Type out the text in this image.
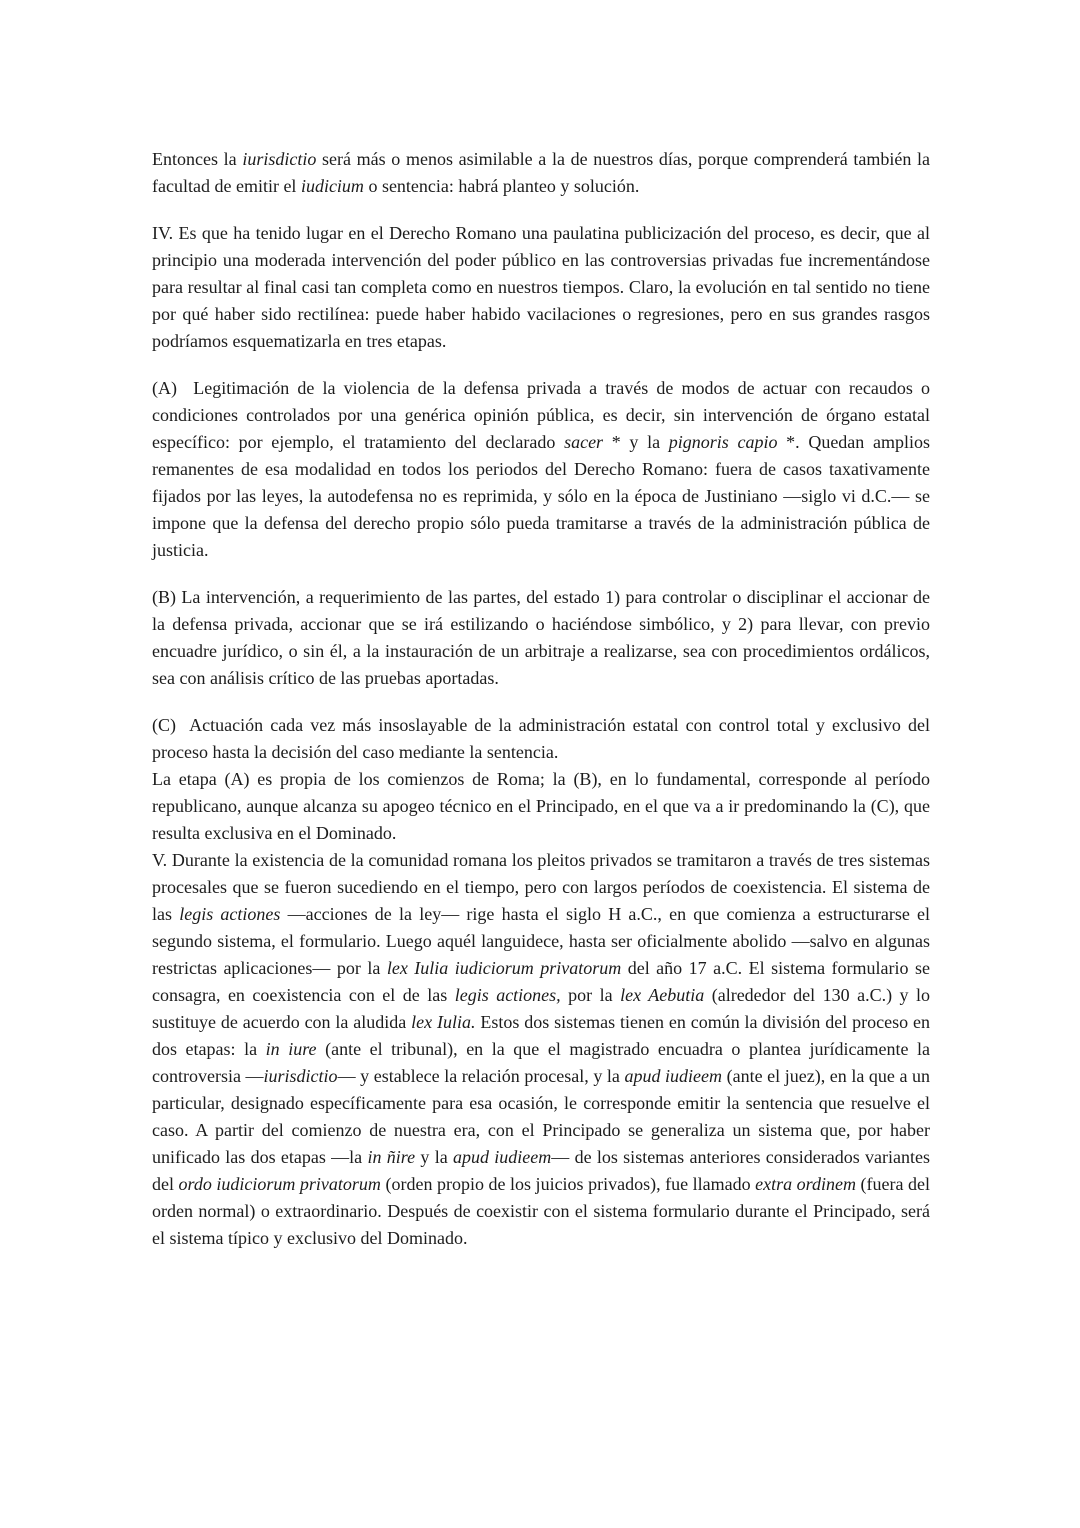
Entonces la iurisdictio será más o menos asimilable a la de nuestros días, porque comprenderá también la facultad de emitir el iudicium o sentencia: habrá planteo y solución.

IV. Es que ha tenido lugar en el Derecho Romano una paulatina publicización del proceso, es decir, que al principio una moderada intervención del poder público en las controversias privadas fue incrementándose para resultar al final casi tan completa como en nuestros tiempos. Claro, la evolución en tal sentido no tiene por qué haber sido rectilínea: puede haber habido vacilaciones o regresiones, pero en sus grandes rasgos podríamos esquematizarla en tres etapas.

(A)  Legitimación de la violencia de la defensa privada a través de modos de actuar con recaudos o condiciones controlados por una genérica opinión pública, es decir, sin intervención de órgano estatal específico: por ejemplo, el tratamiento del declarado sacer * y la pignoris capio *. Quedan amplios remanentes de esa modalidad en todos los periodos del Derecho Romano: fuera de casos taxativamente fijados por las leyes, la autodefensa no es reprimida, y sólo en la época de Justiniano —siglo vi d.C.— se impone que la defensa del derecho propio sólo pueda tramitarse a través de la administración pública de justicia.

(B) La intervención, a requerimiento de las partes, del estado 1) para controlar o disciplinar el accionar de la defensa privada, accionar que se irá estilizando o haciéndose simbólico, y 2) para llevar, con previo encuadre jurídico, o sin él, a la instauración de un arbitraje a realizarse, sea con procedimientos ordálicos, sea con análisis crítico de las pruebas aportadas.

(C)  Actuación cada vez más insoslayable de la administración estatal con control total y exclusivo del proceso hasta la decisión del caso mediante la sentencia.

La etapa (A) es propia de los comienzos de Roma; la (B), en lo fundamental, corresponde al período republicano, aunque alcanza su apogeo técnico en el Principado, en el que va a ir predominando la (C), que resulta exclusiva en el Dominado.

V. Durante la existencia de la comunidad romana los pleitos privados se tramitaron a través de tres sistemas procesales que se fueron sucediendo en el tiempo, pero con largos períodos de coexistencia. El sistema de las legis actiones —acciones de la ley— rige hasta el siglo H a.C., en que comienza a estructurarse el segundo sistema, el formulario. Luego aquél languidece, hasta ser oficialmente abolido —salvo en algunas restrictas aplicaciones— por la lex Iulia iudiciorum privatorum del año 17 a.C. El sistema formulario se consagra, en coexistencia con el de las legis actiones, por la lex Aebutia (alrededor del 130 a.C.) y lo sustituye de acuerdo con la aludida lex Iulia. Estos dos sistemas tienen en común la división del proceso en dos etapas: la in iure (ante el tribunal), en la que el magistrado encuadra o plantea jurídicamente la controversia —iurisdictio— y establece la relación procesal, y la apud iudieem (ante el juez), en la que a un particular, designado específicamente para esa ocasión, le corresponde emitir la sentencia que resuelve el caso. A partir del comienzo de nuestra era, con el Principado se generaliza un sistema que, por haber unificado las dos etapas —la in ñire y la apud iudieem— de los sistemas anteriores considerados variantes del ordo iudiciorum privatorum (orden propio de los juicios privados), fue llamado extra ordinem (fuera del orden normal) o extraordinario. Después de coexistir con el sistema formulario durante el Principado, será el sistema típico y exclusivo del Dominado.
